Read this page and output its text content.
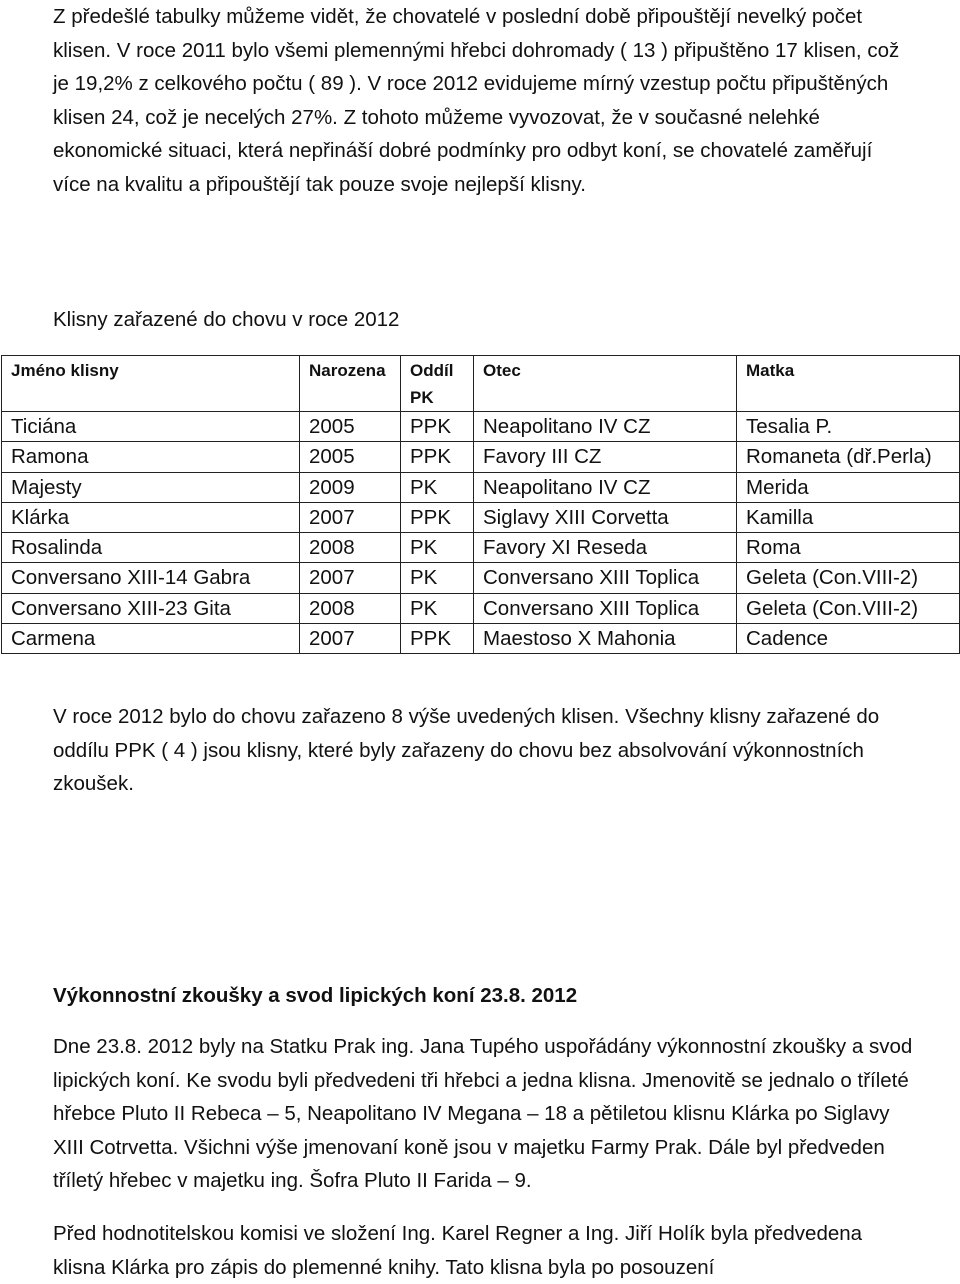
Z předešlé tabulky můžeme vidět, že chovatelé v poslední době připouštějí nevelký počet klisen. V roce 2011 bylo všemi plemennými hřebci dohromady ( 13 ) připuštěno 17 klisen, což je 19,2% z celkového počtu ( 89 ). V roce 2012 evidujeme mírný vzestup počtu připuštěných klisen 24, což je necelých 27%. Z tohoto můžeme vyvozovat, že v současné nelehké ekonomické situaci, která nepřináší dobré podmínky pro odbyt koní, se chovatelé zaměřují více na kvalitu a připouštějí tak pouze svoje nejlepší klisny.

Klisny zařazené do chovu v roce 2012

Jméno klisny	Narozena	Oddíl PK	Otec	Matka
Ticiána	2005	PPK	Neapolitano IV CZ	Tesalia P.
Ramona	2005	PPK	Favory III CZ	Romaneta (dř.Perla)
Majesty	2009	PK	Neapolitano IV CZ	Merida
Klárka	2007	PPK	Siglavy XIII Corvetta	Kamilla
Rosalinda	2008	PK	Favory XI Reseda	Roma
Conversano XIII-14 Gabra	2007	PK	Conversano XIII Toplica	Geleta (Con.VIII-2)
Conversano XIII-23 Gita	2008	PK	Conversano XIII Toplica	Geleta (Con.VIII-2)
Carmena	2007	PPK	Maestoso X Mahonia	Cadence

V roce 2012 bylo do chovu zařazeno 8 výše uvedených klisen. Všechny klisny zařazené do oddílu PPK ( 4 ) jsou klisny, které byly zařazeny do chovu bez absolvování výkonnostních zkoušek.

Výkonnostní zkoušky a svod lipických koní 23.8. 2012

Dne 23.8. 2012 byly na Statku Prak ing. Jana Tupého uspořádány výkonnostní zkoušky a svod lipických koní. Ke svodu byli předvedeni tři hřebci a jedna klisna. Jmenovitě se jednalo o tříleté hřebce Pluto II Rebeca – 5, Neapolitano IV Megana – 18 a pětiletou klisnu Klárka po Siglavy XIII Cotrvetta. Všichni výše jmenovaní koně jsou v majetku Farmy Prak. Dále byl předveden tříletý hřebec v majetku ing. Šofra Pluto II Farida – 9.

Před hodnotitelskou komisi ve složení Ing. Karel Regner a Ing. Jiří Holík byla předvedena klisna Klárka pro zápis do plemenné knihy. Tato klisna byla po posouzení
